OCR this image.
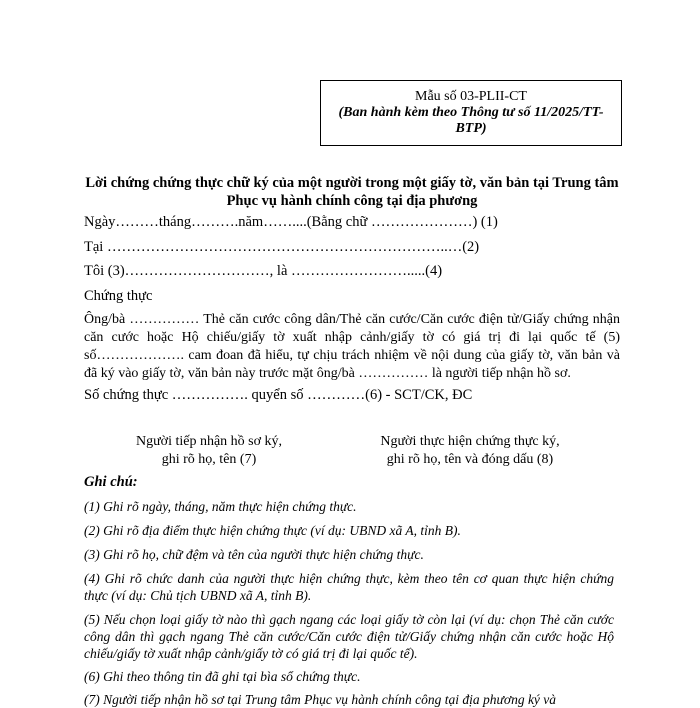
Mẫu số 03-PLII-CT
(Ban hành kèm theo Thông tư số 11/2025/TT-BTP)
Lời chứng chứng thực chữ ký của một người trong một giấy tờ, văn bản tại Trung tâm Phục vụ hành chính công tại địa phương
Ngày………tháng……….năm……....(Bằng chữ …………………) (1)
Tại ……………………………………………………………..…(2)
Tôi (3)…………………………, là …………………….....(4)
Chứng thực
Ông/bà …………… Thẻ căn cước công dân/Thẻ căn cước/Căn cước điện tử/Giấy chứng nhận căn cước hoặc Hộ chiếu/giấy tờ xuất nhập cảnh/giấy tờ có giá trị đi lại quốc tế (5) số………………. cam đoan đã hiểu, tự chịu trách nhiệm về nội dung của giấy tờ, văn bản và đã ký vào giấy tờ, văn bản này trước mặt ông/bà …………… là người tiếp nhận hồ sơ.
Số chứng thực ……………. quyển số …………(6) - SCT/CK, ĐC
Người tiếp nhận hồ sơ ký,
ghi rõ họ, tên (7)
Người thực hiện chứng thực ký,
ghi rõ họ, tên và đóng dấu (8)
Ghi chú:
(1) Ghi rõ ngày, tháng, năm thực hiện chứng thực.
(2) Ghi rõ địa điểm thực hiện chứng thực (ví dụ: UBND xã A, tỉnh B).
(3) Ghi rõ họ, chữ đệm và tên của người thực hiện chứng thực.
(4) Ghi rõ chức danh của người thực hiện chứng thực, kèm theo tên cơ quan thực hiện chứng thực (ví dụ: Chủ tịch UBND xã A, tỉnh B).
(5) Nếu chọn loại giấy tờ nào thì gạch ngang các loại giấy tờ còn lại (ví dụ: chọn Thẻ căn cước công dân thì gạch ngang Thẻ căn cước/Căn cước điện tử/Giấy chứng nhận căn cước hoặc Hộ chiếu/giấy tờ xuất nhập cảnh/giấy tờ có giá trị đi lại quốc tế).
(6) Ghi theo thông tin đã ghi tại bìa sổ chứng thực.
(7) Người tiếp nhận hồ sơ tại Trung tâm Phục vụ hành chính công tại địa phương ký và
